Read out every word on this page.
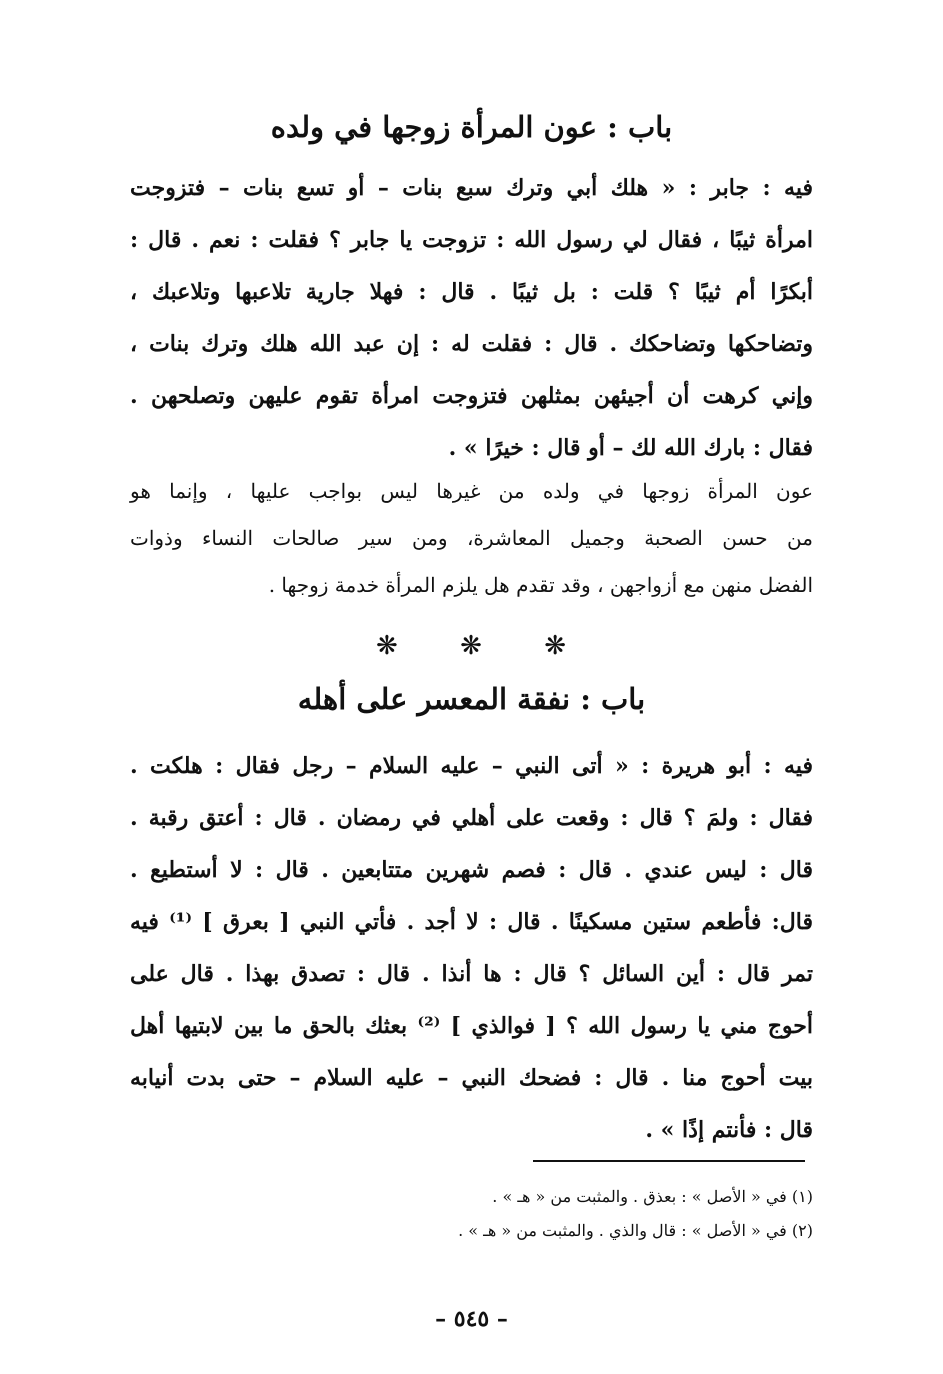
باب : عون المرأة زوجها في ولده
فيه : جابر : « هلك أبي وترك سبع بنات – أو تسع بنات – فتزوجت
امرأة ثيبًا ، فقال لي رسول الله : تزوجت يا جابر ؟ فقلت : نعم . قال :
أبكرًا أم ثيبًا ؟ قلت : بل ثيبًا . قال : فهلا جارية تلاعبها وتلاعبك ،
وتضاحكها وتضاحكك . قال : فقلت له : إن عبد الله هلك وترك بنات ،
وإني كرهت أن أجيئهن بمثلهن فتزوجت امرأة تقوم عليهن وتصلحهن .
فقال : بارك الله لك – أو قال : خيرًا » .
عون المرأة زوجها في ولده من غيرها ليس بواجب عليها ، وإنما هو
من حسن الصحبة وجميل المعاشرة، ومن سير صالحات النساء وذوات
الفضل منهن مع أزواجهن ، وقد تقدم هل يلزم المرأة خدمة زوجها .
❋ ❋ ❋
باب : نفقة المعسر على أهله
فيه : أبو هريرة : « أتى النبي – عليه السلام – رجل فقال : هلكت .
فقال : ولمَ ؟ قال : وقعت على أهلي في رمضان . قال : أعتق رقبة .
قال : ليس عندي . قال : فصم شهرين متتابعين . قال : لا أستطيع .
قال: فأطعم ستين مسكينًا . قال : لا أجد . فأتي النبي [ بعرق ] ⁽¹⁾ فيه
تمر قال : أين السائل ؟ قال : ها أنذا . قال : تصدق بهذا . قال على
أحوج مني يا رسول الله ؟ [ فوالذي ] ⁽²⁾ بعثك بالحق ما بين لابتيها أهل
بيت أحوج منا . قال : فضحك النبي – عليه السلام – حتى بدت أنيابه
قال : فأنتم إذًا » .
(١) في « الأصل » : بعذق . والمثبت من « هـ » .
(٢) في « الأصل » : قال والذي . والمثبت من « هـ » .
– ٥٤٥ –
